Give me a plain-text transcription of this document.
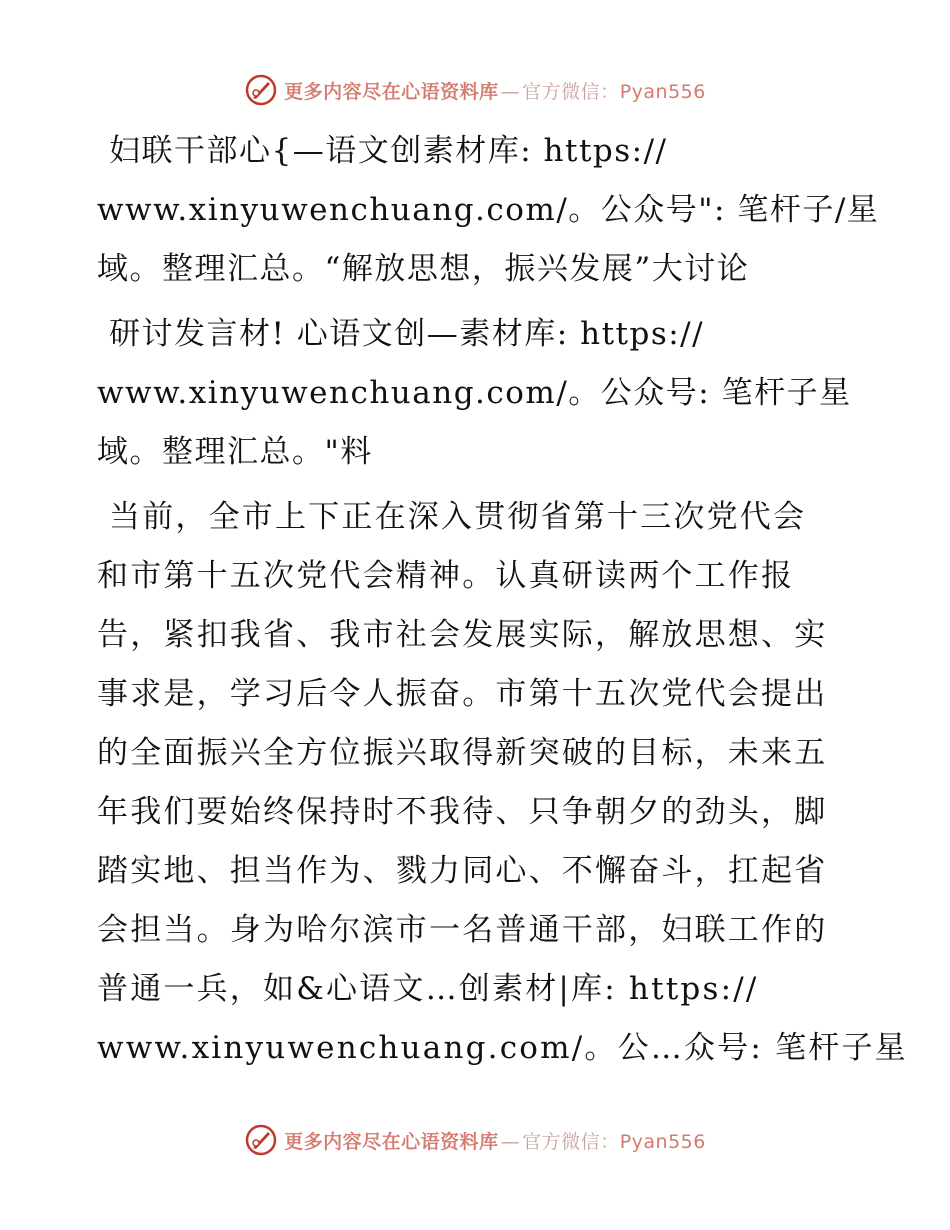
更多内容尽在心语资料库 — 官方微信：Pyan556
妇联干部心{—语文创素材库: https://
www.xinyuwenchuang.com/。公众号": 笔杆子/星
域。整理汇总。“解放思想，振兴发展”大讨论
研讨发言材! 心语文创—素材库: https://
www.xinyuwenchuang.com/。公众号: 笔杆子星
域。整理汇总。"料
当前，全市上下正在深入贯彻省第十三次党代会
和市第十五次党代会精神。认真研读两个工作报
告，紧扣我省、我市社会发展实际，解放思想、实
事求是，学习后令人振奋。市第十五次党代会提出
的全面振兴全方位振兴取得新突破的目标，未来五
年我们要始终保持时不我待、只争朝夕的劲头，脚
踏实地、担当作为、戮力同心、不懈奋斗，扛起省
会担当。身为哈尔滨市一名普通干部，妇联工作的
普通一兵，如&心语文…创素材|库: https://
www.xinyuwenchuang.com/。公…众号: 笔杆子星
更多内容尽在心语资料库 — 官方微信：Pyan556
